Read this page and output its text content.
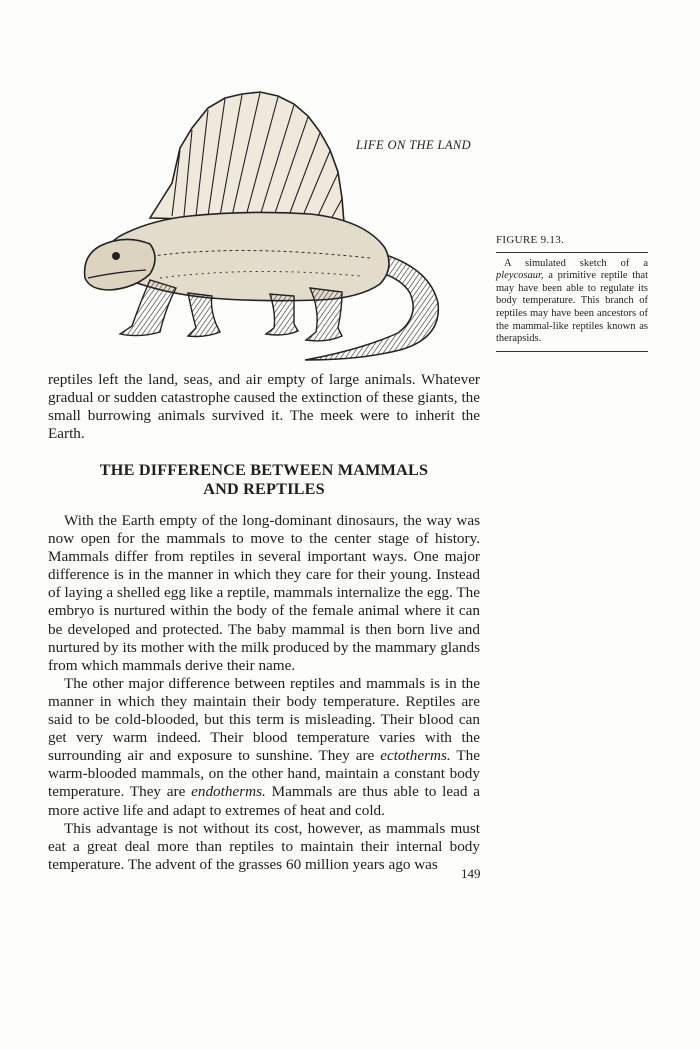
LIFE ON THE LAND
FIGURE 9.13.
A simulated sketch of a pleycosaur, a primitive reptile that may have been able to regulate its body temperature. This branch of reptiles may have been ancestors of the mammal-like reptiles known as therapsids.

reptiles left the land, seas, and air empty of large animals. Whatever gradual or sudden catastrophe caused the extinction of these giants, the small burrowing animals survived it. The meek were to inherit the Earth.

THE DIFFERENCE BETWEEN MAMMALS
AND REPTILES

With the Earth empty of the long-dominant dinosaurs, the way was now open for the mammals to move to the center stage of history. Mammals differ from reptiles in several important ways. One major difference is in the manner in which they care for their young. Instead of laying a shelled egg like a reptile, mammals internalize the egg. The embryo is nurtured within the body of the female animal where it can be developed and protected. The baby mammal is then born live and nurtured by its mother with the milk produced by the mammary glands from which mammals derive their name.

The other major difference between reptiles and mammals is in the manner in which they maintain their body temperature. Reptiles are said to be cold-blooded, but this term is misleading. Their blood can get very warm indeed. Their blood temperature varies with the surrounding air and exposure to sunshine. They are ectotherms. The warm-blooded mammals, on the other hand, maintain a constant body temperature. They are endotherms. Mammals are thus able to lead a more active life and adapt to extremes of heat and cold.

This advantage is not without its cost, however, as mammals must eat a great deal more than reptiles to maintain their internal body temperature. The advent of the grasses 60 million years ago was

149
